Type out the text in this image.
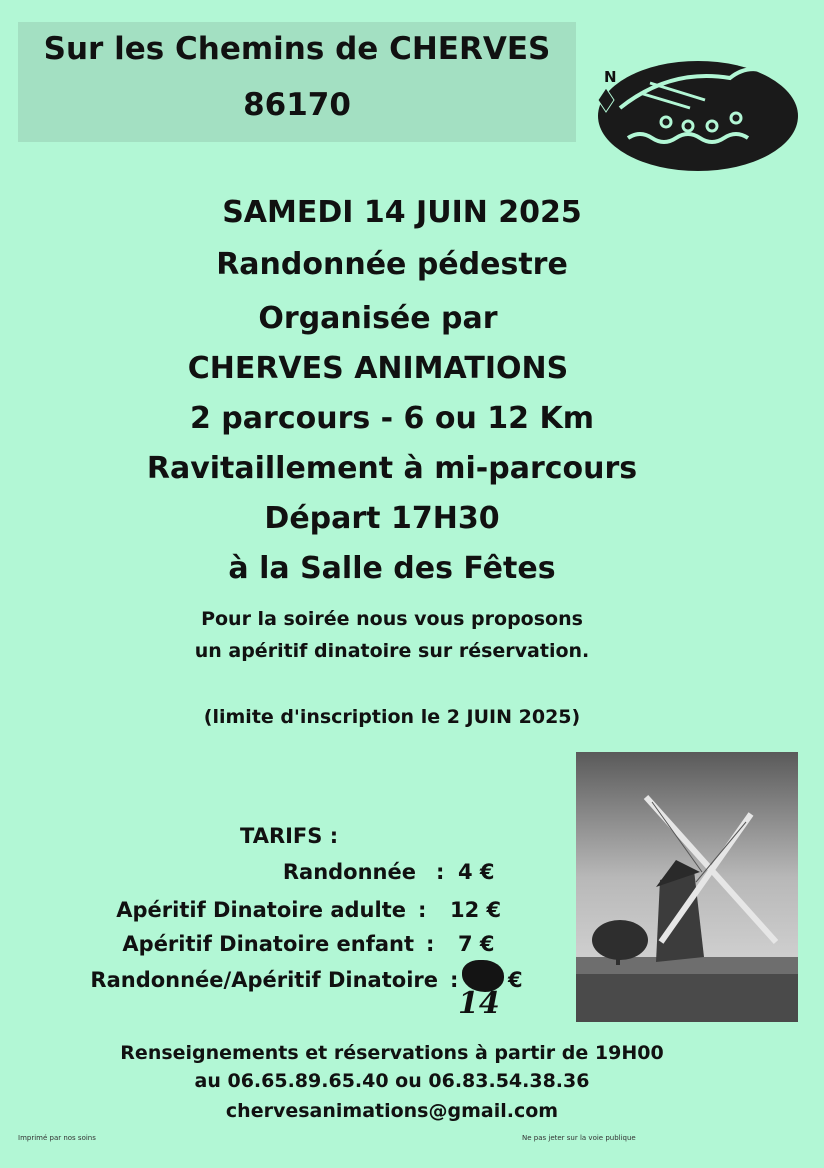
Sur les Chemins de CHERVES
86170
N
SAMEDI 14 JUIN 2025
Randonnée pédestre
Organisée par
CHERVES ANIMATIONS
2 parcours - 6 ou 12 Km
Ravitaillement à mi-parcours
Départ 17H30
à la Salle des Fêtes
Pour la soirée nous vous proposons
un apéritif dinatoire sur réservation.
(limite d'inscription le 2 JUIN 2025)
TARIFS :
Randonnée : 4 €
Apéritif Dinatoire adulte : 12 €
Apéritif Dinatoire enfant : 7 €
Randonnée/Apéritif Dinatoire : €
14
Renseignements et réservations à partir de 19H00
au 06.65.89.65.40 ou 06.83.54.38.36
chervesanimations@gmail.com
Imprimé par nos soins	Ne pas jeter sur la voie publique
